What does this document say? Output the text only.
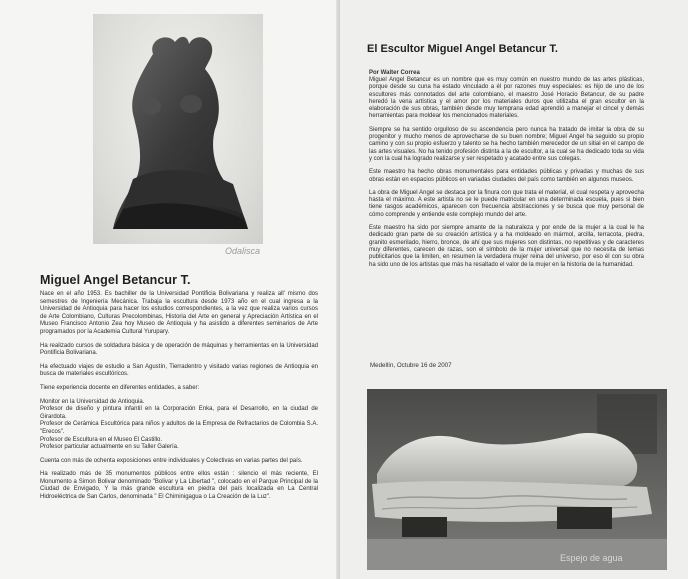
Odalisca
Miguel Angel Betancur T.

Nace en el año 1953. Es bachiller de la Universidad Pontificia Bolivariana y realiza all' mismo dos semestres de Ingeniería Mecánica. Trabaja la escultura desde 1973 año en el cual ingresa a la Universidad de Antioquia para hacer los estudios correspondientes, a la vez que realiza varios cursos de Arte Colombiano, Culturas Precolombinas, Historia del Arte en general y Apreciación Artística en el Museo Francisco Antonio Zea hoy Museo de Antioquia y ha asistido a diferentes seminarios de Arte programados por la Academia Cultural Yurupary.

Ha realizado cursos de soldadura básica y de operación de máquinas y herramientas en la Universidad Pontificia Bolivariana.

Ha efectuado viajes de estudio a San Agustín, Tierradentro y visitado varias regiones de Antioquia en busca de materiales escultóricos.

Tiene experiencia docente en diferentes entidades, a saber:

Monitor en la Universidad de Antioquia.
Profesor de diseño y pintura infantil en la Corporación Enka, para el Desarrollo, en la ciudad de Girardota.
Profesor de Cerámica Escultórica para niños y adultos de la Empresa de Refractarios de Colombia S.A. "Erecos".
Profesor de Escultura en el Museo El Castillo.
Profesor particular actualmente en su Taller Galería.

Cuenta con más de ochenta exposiciones entre individuales y Colectivas en varias partes del país.

Ha realizado más de 35 monumentos públicos entre ellos están : silencio el más reciente, El Monumento a Simon Bolivar denominado "Bolivar y La Libertad ", colocado en el Parque Principal de la Ciudad de Envigado, Y la más grande escultura en piedra del país localizada en La Central Hidroeléctrica de San Carlos, denominada " El Chiminigagua o La Creación de la Luz".

El Escultor Miguel Angel Betancur T.
Por Walter Correa

Miguel Angel Betancur es un nombre que es muy común en nuestro mundo de las artes plásticas, porque desde su cuna ha estado vinculado a él por razones muy especiales: es hijo de uno de los escultores más connotados del arte colombiano, el maestro José Horacio Betancur, de su padre heredó la vena artística y el amor por los materiales duros que utilizaba el gran escultor en la elaboración de sus obras, también desde muy temprana edad aprendió a manejar el cincel y demás herramientas para moldear los mencionados materiales.

Siempre se ha sentido orgulloso de su ascendencia pero nunca ha tratado de imitar la obra de su progenitor y mucho menos de aprovecharse de su buen nombre; Miguel Angel ha seguido su propio camino y con su propio esfuerzo y talento se ha hecho también merecedor de un sitial en el campo de las artes visuales. No ha tenido profesión distinta a la de escultor, a la cual se ha dedicado toda su vida y con la cual ha logrado realizarse y ser respetado y acatado entre sus colegas.

Este maestro ha hecho obras monumentales para entidades públicas y privadas y muchas de sus obras están en espacios públicos en variadas ciudades del país como también en algunos museos.

La obra de Miguel Angel se destaca por la finura con que trata el material, el cual respeta y aprovecha hasta el máximo. A este artista no se le puede matricular en una determinada escuela, pues si bien tiene rasgos académicos, aparecen con frecuencia abstracciones y se busca que muy personal de cómo comprende y entiende este complejo mundo del arte.

Este maestro ha sido por siempre amante de la naturaleza y por ende de la mujer a la cual le ha dedicado gran parte de su creación artística y a ha moldeado en mármol, arcilla, terracota, piedra, granito esmerilado, hierro, bronce, de ahí que sus mujeres son distintas, no repetitivas y de caracteres muy diferentes, carecen de razas, son el símbolo de la mujer universal que no necesita de lemas publicitarios que la limiten, en resumen la verdadera mujer reina del universo, por eso él con su obra ha sido uno de los artistas que más ha resaltado el valor de la mujer en la historia de la humanidad.

Medellín, Octubre 16 de 2007
Espejo de agua
